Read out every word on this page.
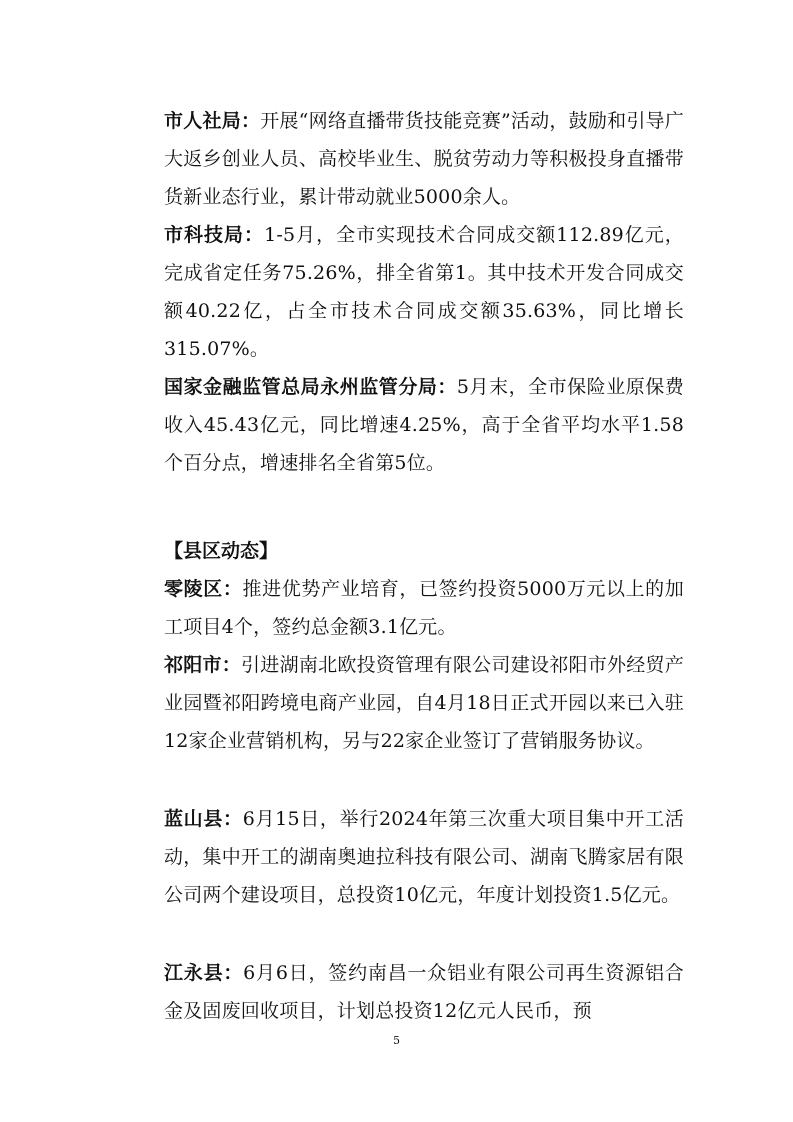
市人社局：开展“网络直播带货技能竞赛”活动，鼓励和引导广大返乡创业人员、高校毕业生、脱贫劳动力等积极投身直播带货新业态行业，累计带动就业5000余人。

市科技局：1-5月，全市实现技术合同成交额112.89亿元，完成省定任务75.26%，排全省第1。其中技术开发合同成交额40.22亿，占全市技术合同成交额35.63%，同比增长315.07%。

国家金融监管总局永州监管分局：5月末，全市保险业原保费收入45.43亿元，同比增速4.25%，高于全省平均水平1.58个百分点，增速排名全省第5位。

【县区动态】

零陵区：推进优势产业培育，已签约投资5000万元以上的加工项目4个，签约总金额3.1亿元。

祁阳市：引进湖南北欧投资管理有限公司建设祁阳市外经贸产业园暨祁阳跨境电商产业园，自4月18日正式开园以来已入驻12家企业营销机构，另与22家企业签订了营销服务协议。

蓝山县：6月15日，举行2024年第三次重大项目集中开工活动，集中开工的湖南奥迪拉科技有限公司、湖南飞腾家居有限公司两个建设项目，总投资10亿元，年度计划投资1.5亿元。

江永县：6月6日，签约南昌一众铝业有限公司再生资源铝合金及固废回收项目，计划总投资12亿元人民币，预

5
